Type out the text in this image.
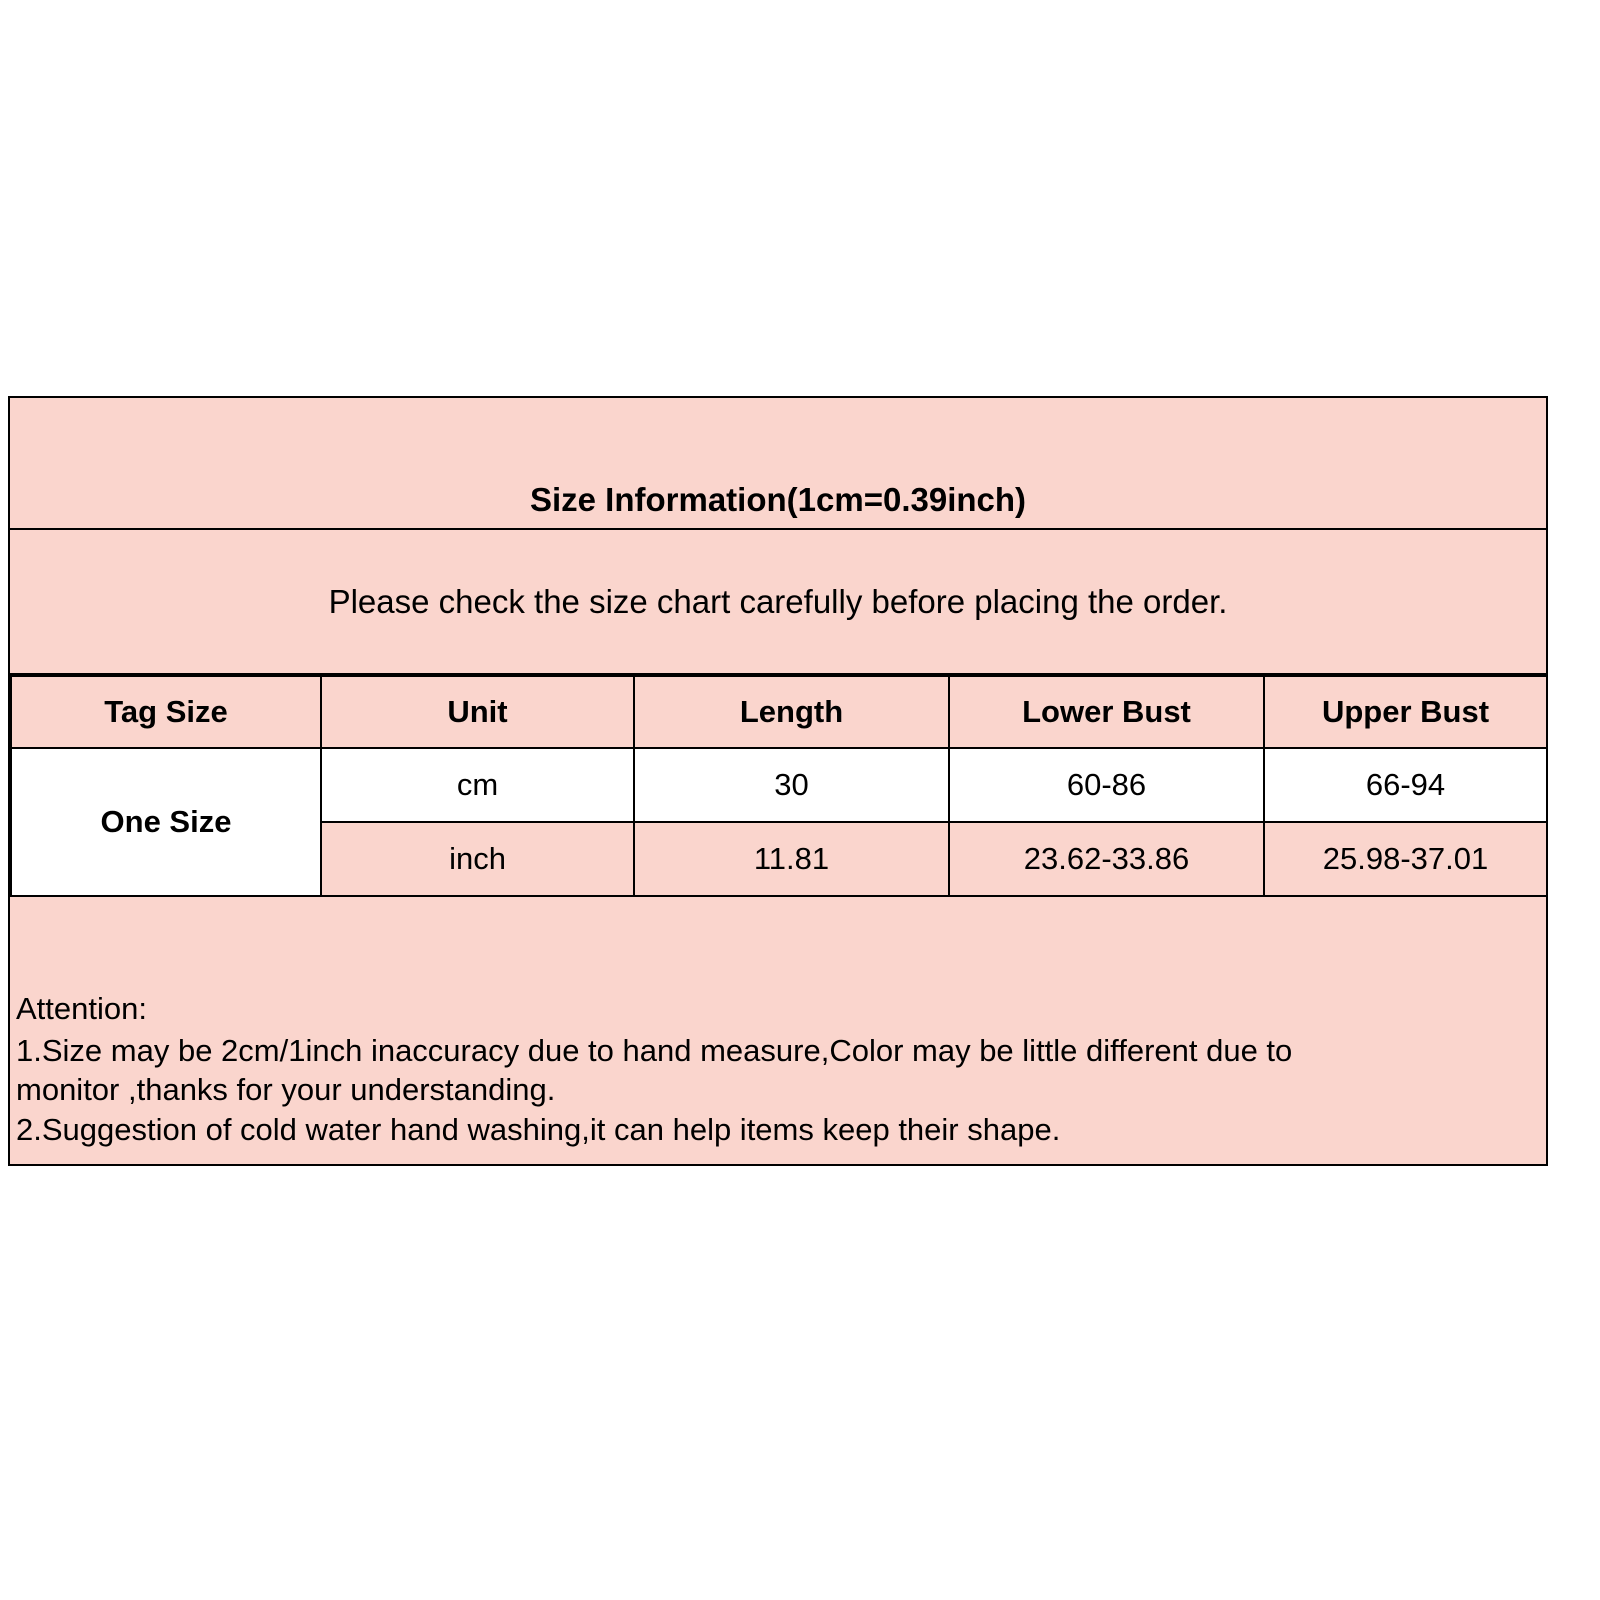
Size Information(1cm=0.39inch)
Please check the size chart carefully before placing the order.
Tag Size	Unit	Length	Lower Bust	Upper Bust
One Size	cm	30	60-86	66-94
	inch	11.81	23.62-33.86	25.98-37.01

Attention:

1.Size may be 2cm/1inch inaccuracy due to hand measure,Color may be little different due to

monitor ,thanks for your understanding.

2.Suggestion of cold water hand washing,it can help items keep their shape.
